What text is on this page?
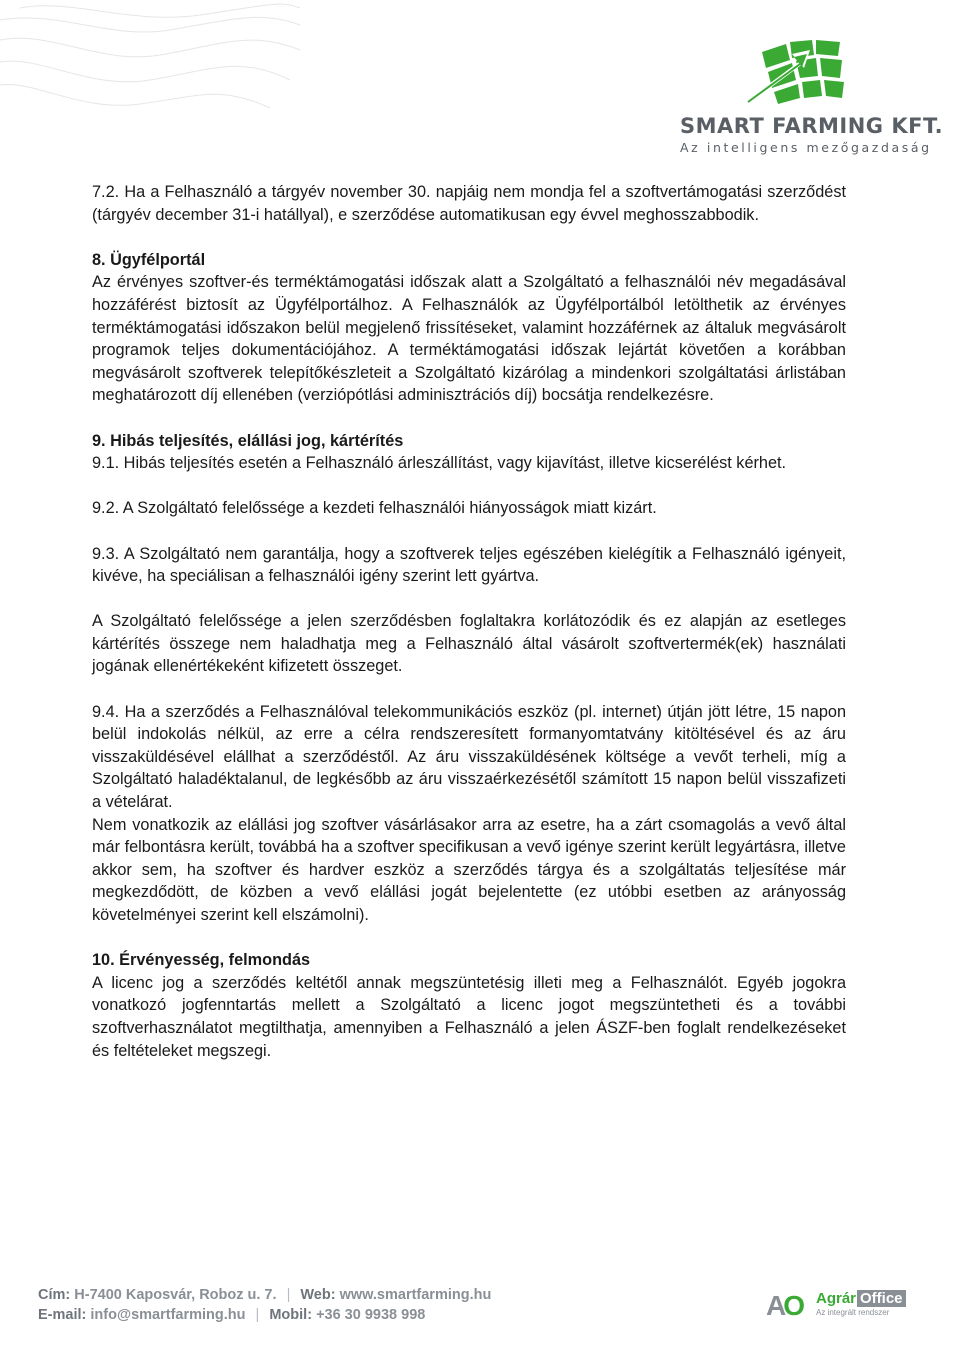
SMART FARMING KFT.
Az intelligens mezőgazdaság

7.2. Ha a Felhasználó a tárgyév november 30. napjáig nem mondja fel a szoftvertámogatási szerződést (tárgyév december 31-i hatállyal), e szerződése automatikusan egy évvel meghosszabbodik.

8. Ügyfélportál

Az érvényes szoftver-és terméktámogatási időszak alatt a Szolgáltató a felhasználói név megadásával hozzáférést biztosít az Ügyfélportálhoz. A Felhasználók az Ügyfélportálból letölthetik az érvényes terméktámogatási időszakon belül megjelenő frissítéseket, valamint hozzáférnek az általuk megvásárolt programok teljes dokumentációjához. A terméktámogatási időszak lejártát követően a korábban megvásárolt szoftverek telepítőkészleteit a Szolgáltató kizárólag a mindenkori szolgáltatási árlistában meghatározott díj ellenében (verziópótlási adminisztrációs díj) bocsátja rendelkezésre.

9. Hibás teljesítés, elállási jog, kártérítés

9.1. Hibás teljesítés esetén a Felhasználó árleszállítást, vagy kijavítást, illetve kicserélést kérhet.

9.2. A Szolgáltató felelőssége a kezdeti felhasználói hiányosságok miatt kizárt.

9.3. A Szolgáltató nem garantálja, hogy a szoftverek teljes egészében kielégítik a Felhasználó igényeit, kivéve, ha speciálisan a felhasználói igény szerint lett gyártva.

A Szolgáltató felelőssége a jelen szerződésben foglaltakra korlátozódik és ez alapján az esetleges kártérítés összege nem haladhatja meg a Felhasználó által vásárolt szoftvertermék(ek) használati jogának ellenértékeként kifizetett összeget.

9.4. Ha a szerződés a Felhasználóval telekommunikációs eszköz (pl. internet) útján jött létre, 15 napon belül indokolás nélkül, az erre a célra rendszeresített formanyomtatvány kitöltésével és az áru visszaküldésével elállhat a szerződéstől. Az áru visszaküldésének költsége a vevőt terheli, míg a Szolgáltató haladéktalanul, de legkésőbb az áru visszaérkezésétől számított 15 napon belül visszafizeti a vételárat.

Nem vonatkozik az elállási jog szoftver vásárlásakor arra az esetre, ha a zárt csomagolás a vevő által már felbontásra került, továbbá ha a szoftver specifikusan a vevő igénye szerint került legyártásra, illetve akkor sem, ha szoftver és hardver eszköz a szerződés tárgya és a szolgáltatás teljesítése már megkezdődött, de közben a vevő elállási jogát bejelentette (ez utóbbi esetben az arányosság követelményei szerint kell elszámolni).

10. Érvényesség, felmondás

A licenc jog a szerződés keltétől annak megszüntetésig illeti meg a Felhasználót. Egyéb jogokra vonatkozó jogfenntartás mellett a Szolgáltató a licenc jogot megszüntetheti és a további szoftverhasználatot megtilthatja, amennyiben a Felhasználó a jelen ÁSZF-ben foglalt rendelkezéseket és feltételeket megszegi.

Cím: H-7400 Kaposvár, Roboz u. 7. | Web: www.smartfarming.hu
E-mail: info@smartfarming.hu | Mobil: +36 30 9938 998	AO Agrár Office
Az integrált rendszer
